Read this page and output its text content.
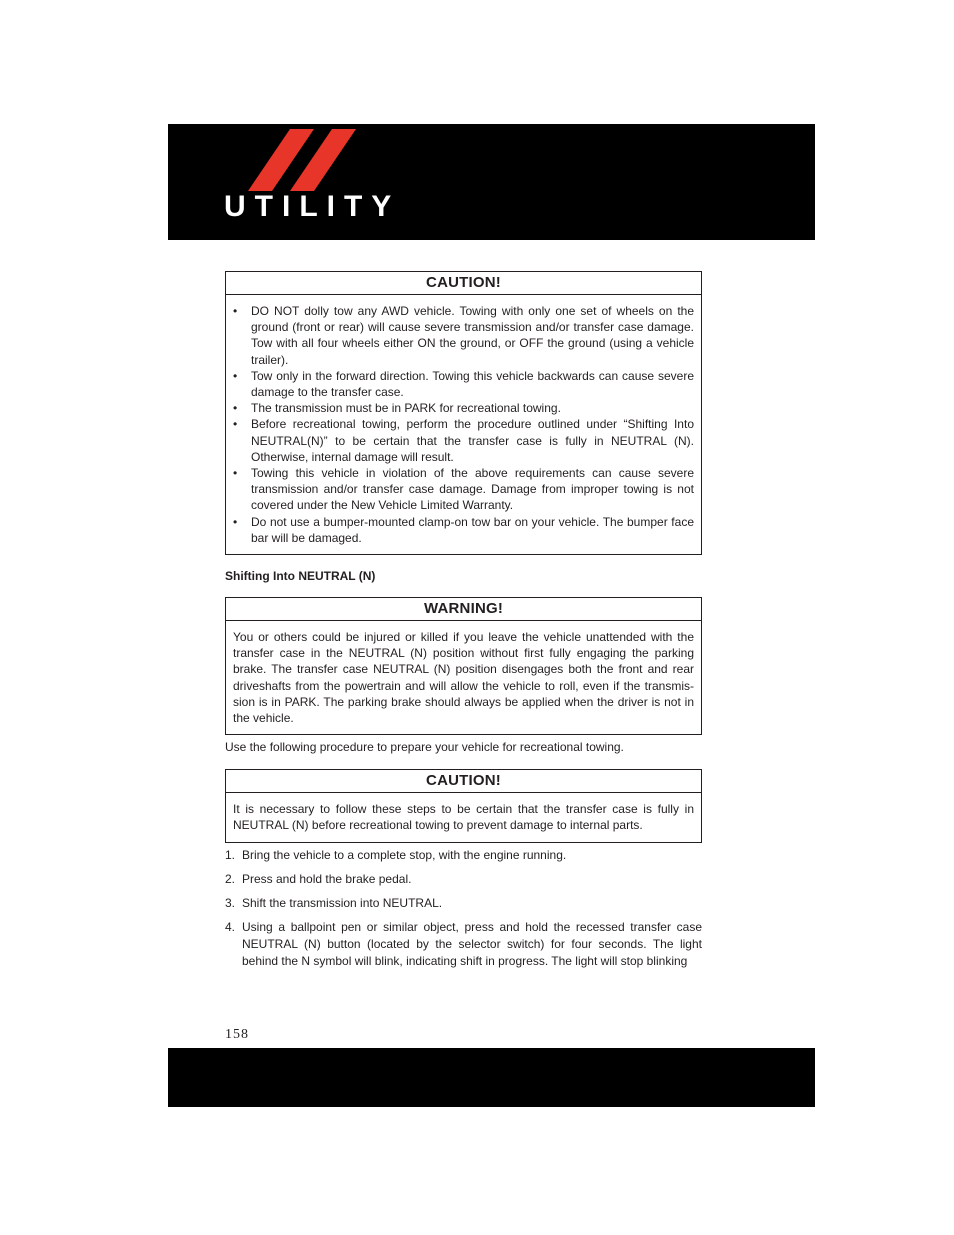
UTILITY
CAUTION!
• DO NOT dolly tow any AWD vehicle. Towing with only one set of wheels on the ground (front or rear) will cause severe transmission and/or transfer case damage. Tow with all four wheels either ON the ground, or OFF the ground (using a vehicle trailer).
• Tow only in the forward direction. Towing this vehicle backwards can cause severe damage to the transfer case.
• The transmission must be in PARK for recreational towing.
• Before recreational towing, perform the procedure outlined under “Shifting Into NEUTRAL(N)” to be certain that the transfer case is fully in NEUTRAL (N). Otherwise, internal damage will result.
• Towing this vehicle in violation of the above requirements can cause severe transmission and/or transfer case damage. Damage from improper towing is not covered under the New Vehicle Limited Warranty.
• Do not use a bumper-mounted clamp-on tow bar on your vehicle. The bumper face bar will be damaged.
Shifting Into NEUTRAL (N)
WARNING!
You or others could be injured or killed if you leave the vehicle unattended with the transfer case in the NEUTRAL (N) position without first fully engaging the parking brake. The transfer case NEUTRAL (N) position disengages both the front and rear driveshafts from the powertrain and will allow the vehicle to roll, even if the transmis- sion is in PARK. The parking brake should always be applied when the driver is not in the vehicle.
Use the following procedure to prepare your vehicle for recreational towing.
CAUTION!
It is necessary to follow these steps to be certain that the transfer case is fully in NEUTRAL (N) before recreational towing to prevent damage to internal parts.
1. Bring the vehicle to a complete stop, with the engine running.
2. Press and hold the brake pedal.
3. Shift the transmission into NEUTRAL.
4. Using a ballpoint pen or similar object, press and hold the recessed transfer case NEUTRAL (N) button (located by the selector switch) for four seconds. The light behind the N symbol will blink, indicating shift in progress. The light will stop blinking
158
